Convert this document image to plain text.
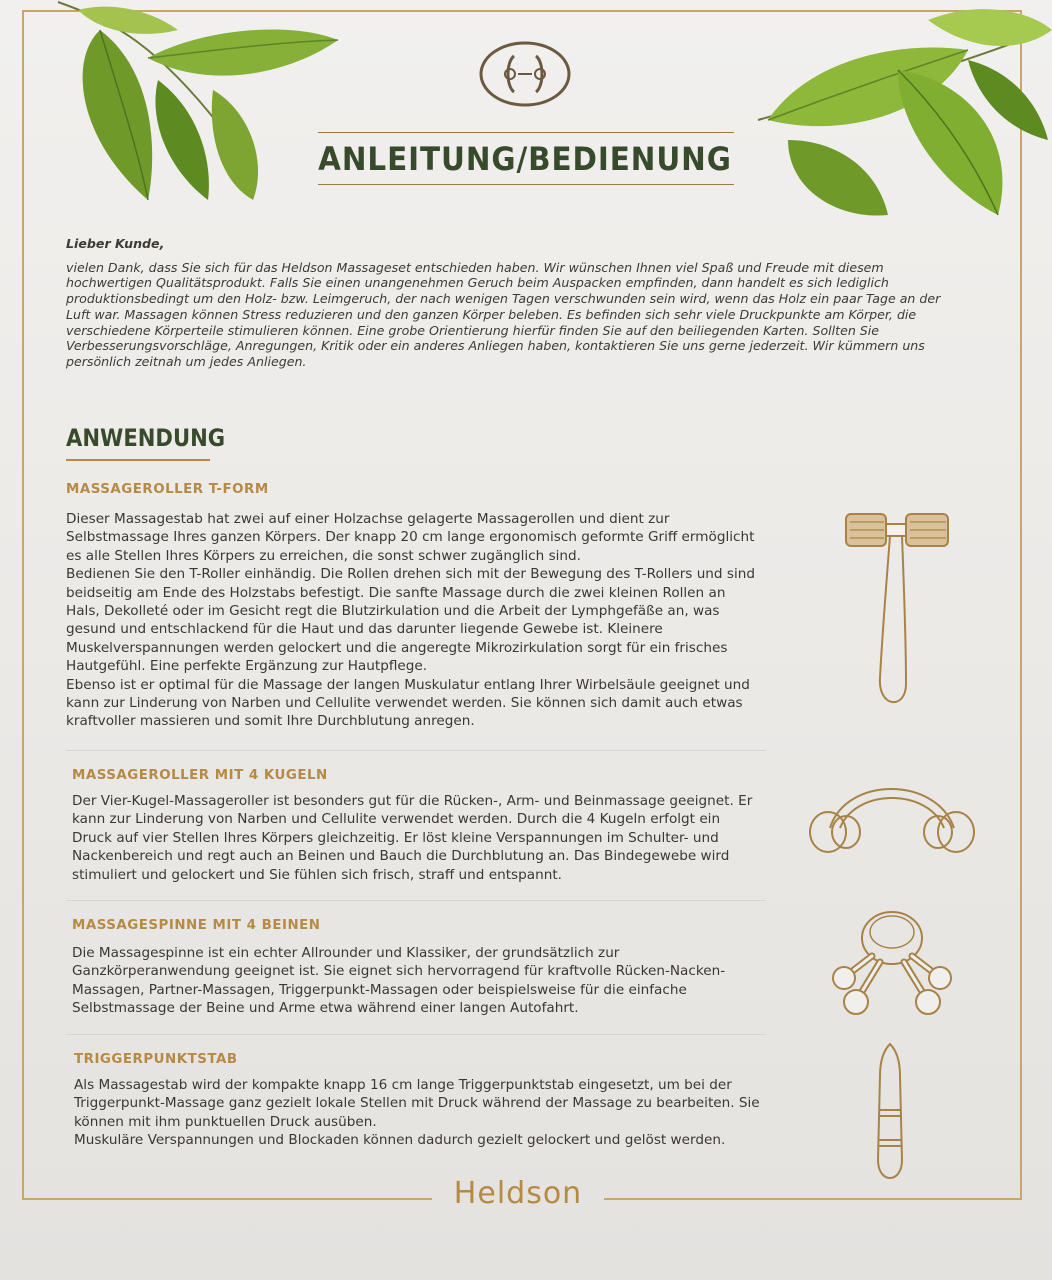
ANLEITUNG/BEDIENUNG
Lieber Kunde,
vielen Dank, dass Sie sich für das Heldson Massageset entschieden haben. Wir wünschen Ihnen viel Spaß und Freude mit diesem hochwertigen Qualitätsprodukt. Falls Sie einen unangenehmen Geruch beim Auspacken empfinden, dann handelt es sich lediglich produktionsbedingt um den Holz- bzw. Leimgeruch, der nach wenigen Tagen verschwunden sein wird, wenn das Holz ein paar Tage an der Luft war. Massagen können Stress reduzieren und den ganzen Körper beleben. Es befinden sich sehr viele Druckpunkte am Körper, die verschiedene Körperteile stimulieren können. Eine grobe Orientierung hierfür finden Sie auf den beiliegenden Karten. Sollten Sie Verbesserungsvorschläge, Anregungen, Kritik oder ein anderes Anliegen haben, kontaktieren Sie uns gerne jederzeit. Wir kümmern uns persönlich zeitnah um jedes Anliegen.
ANWENDUNG
MASSAGEROLLER T-FORM

Dieser Massagestab hat zwei auf einer Holzachse gelagerte Massagerollen und dient zur Selbstmassage Ihres ganzen Körpers. Der knapp 20 cm lange ergonomisch geformte Griff ermöglicht es alle Stellen Ihres Körpers zu erreichen, die sonst schwer zugänglich sind.

Bedienen Sie den T-Roller einhändig. Die Rollen drehen sich mit der Bewegung des T-Rollers und sind beidseitig am Ende des Holzstabs befestigt. Die sanfte Massage durch die zwei kleinen Rollen an Hals, Dekolleté oder im Gesicht regt die Blutzirkulation und die Arbeit der Lymphgefäße an, was gesund und entschlackend für die Haut und das darunter liegende Gewebe ist. Kleinere Muskelverspannungen werden gelockert und die angeregte Mikrozirkulation sorgt für ein frisches Hautgefühl. Eine perfekte Ergänzung zur Hautpflege.

Ebenso ist er optimal für die Massage der langen Muskulatur entlang Ihrer Wirbelsäule geeignet und kann zur Linderung von Narben und Cellulite verwendet werden. Sie können sich damit auch etwas kraftvoller massieren und somit Ihre Durchblutung anregen.

MASSAGEROLLER MIT 4 KUGELN

Der Vier-Kugel-Massageroller ist besonders gut für die Rücken-, Arm- und Beinmassage geeignet. Er kann zur Linderung von Narben und Cellulite verwendet werden. Durch die 4 Kugeln erfolgt ein Druck auf vier Stellen Ihres Körpers gleichzeitig. Er löst kleine Verspannungen im Schulter- und Nackenbereich und regt auch an Beinen und Bauch die Durchblutung an. Das Bindegewebe wird stimuliert und gelockert und Sie fühlen sich frisch, straff und entspannt.

MASSAGESPINNE MIT 4 BEINEN

Die Massagespinne ist ein echter Allrounder und Klassiker, der grundsätzlich zur Ganzkörperanwendung geeignet ist. Sie eignet sich hervorragend für kraftvolle Rücken-Nacken-Massagen, Partner-Massagen, Triggerpunkt-Massagen oder beispielsweise für die einfache Selbstmassage der Beine und Arme etwa während einer langen Autofahrt.

TRIGGERPUNKTSTAB

Als Massagestab wird der kompakte knapp 16 cm lange Triggerpunktstab eingesetzt, um bei der Triggerpunkt-Massage ganz gezielt lokale Stellen mit Druck während der Massage zu bearbeiten. Sie können mit ihm punktuellen Druck ausüben.

Muskuläre Verspannungen und Blockaden können dadurch gezielt gelockert und gelöst werden.

Heldson
